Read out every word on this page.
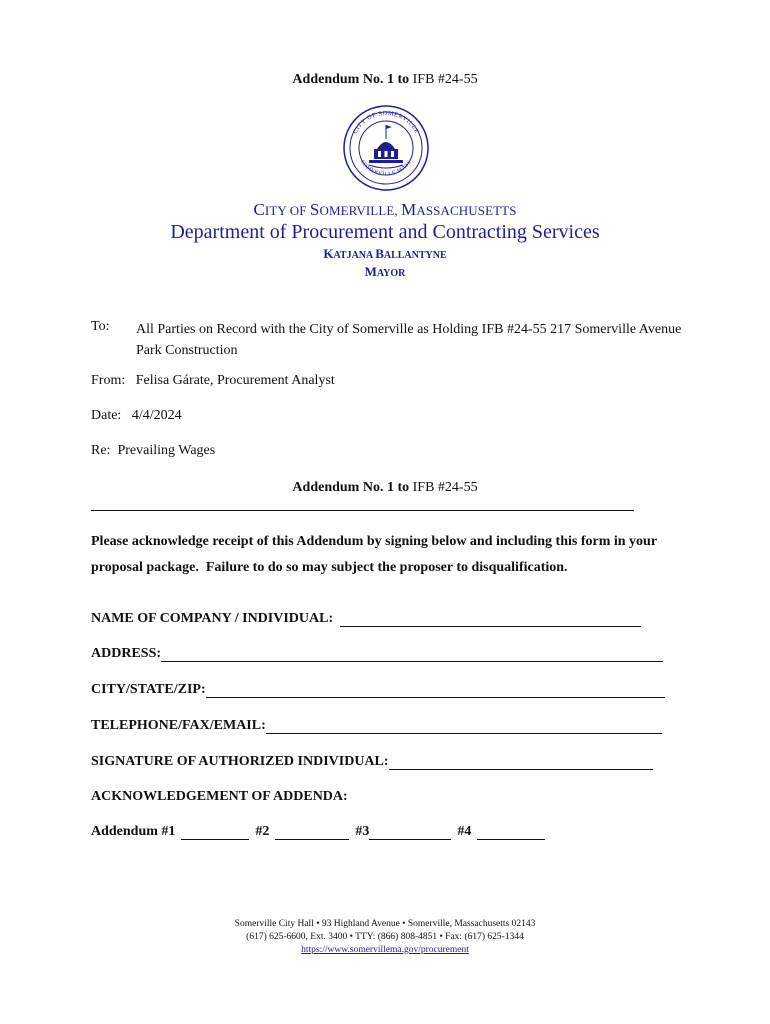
Addendum No. 1 to IFB #24-55
CITY OF SOMERVILLE
SOMERVILLE MASS
CITY OF SOMERVILLE, MASSACHUSETTS
Department of Procurement and Contracting Services
KATJANA BALLANTYNE
MAYOR
To: All Parties on Record with the City of Somerville as Holding IFB #24-55 217 Somerville Avenue Park Construction
From:   Felisa Gárate, Procurement Analyst
Date:   4/4/2024
Re:  Prevailing Wages
Addendum No. 1 to IFB #24-55
Please acknowledge receipt of this Addendum by signing below and including this form in your proposal package.  Failure to do so may subject the proposer to disqualification.
NAME OF COMPANY / INDIVIDUAL:
ADDRESS:
CITY/STATE/ZIP:
TELEPHONE/FAX/EMAIL:
SIGNATURE OF AUTHORIZED INDIVIDUAL:
ACKNOWLEDGEMENT OF ADDENDA:
Addendum #1	#2	#3	#4
Somerville City Hall • 93 Highland Avenue • Somerville, Massachusetts 02143
(617) 625-6600, Ext. 3400 • TTY: (866) 808-4851 • Fax: (617) 625-1344
https://www.somervillema.gov/procurement
